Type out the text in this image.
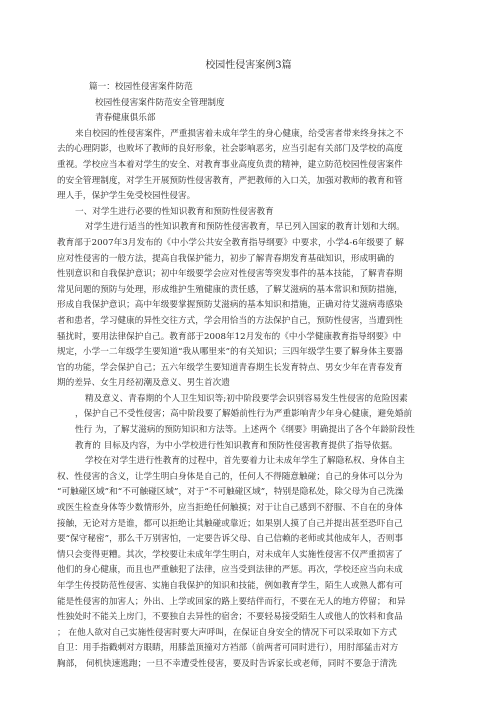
校园性侵害案例3篇
篇一：校园性侵害案件防范
校园性侵害案件防范安全管理制度
青春健康俱乐部
来自校园的性侵害案件，严重损害着未成年学生的身心健康，给受害者带来终身抹之不
去的心理阴影，也败坏了教师的良好形象，社会影响恶劣，应当引起有关部门及学校的高度
重视。学校应当本着对学生的安全、对教育事业高度负责的精神，建立防范校园性侵害案件
的安全管理制度，对学生开展预防性侵害教育，严把教师的入口关，加强对教师的教育和管
理人手，保护学生免受校园性侵害。
一、对学生进行必要的性知识教育和预防性侵害教育
对学生进行适当的性知识教育和预防性侵害教育，早已列入国家的教育计划和大纲。
教育部于2007年3月发布的《中小学公共安全教育指导纲要》中要求，小学4-6年级要了 解
应对性侵害的一般方法，提高自我保护能力，初步了解青春期发育基础知识，形成明确的
性别意识和自我保护意识；初中年级要学会应对性侵害等突发事件的基本技能，了解青春期
常见问题的预防与处理，形成维护生殖健康的责任感，了解艾滋病的基本常识和预防措施，
形成自我保护意识；高中年级要掌握预防艾滋病的基本知识和措施，正确对待艾滋病毒感染
者和患者，学习健康的异性交往方式，学会用恰当的方法保护自己，预防性侵害，当遭到性
骚扰时，要用法律保护自己。教育部于2008年12月发布的《中小学健康教育指导纲要》中
规定，小学一二年级学生要知道“我从哪里来”的有关知识；三四年级学生要了解身体主要器
官的功能，学会保护自己；五六年级学生要知道青春期生长发育特点、男女少年在青春发育
期的差异、女生月经初潮及意义、男生首次遗
精及意义、青春期的个人卫生知识等;初中阶段要学会识别容易发生性侵害的危险因素
，保护自己不受性侵害；高中阶段要了解婚前性行为严重影响青少年身心健康，避免婚前
性行 为，了解艾滋病的预防知识和方法等。上述两个《纲要》明确提出了各个年龄阶段性
教育的 目标及内容，为中小学校进行性知识教育和预防性侵害教育提供了指导依据。
学校在对学生进行性教育的过程中，首先要着力让未成年学生了解隐私权、身体自主
权、性侵害的含义，让学生明白身体是自己的，任何人不得随意触碰；自己的身体可以分为
“可触碰区域”和“不可触碰区域”，对于“不可触碰区域”，特别是隐私处，除父母为自己洗澡
或医生检查身体等少数情形外，应当拒绝任何触摸；对于让自己感到不舒服、不自在的身体
接触，无论对方是谁，都可以拒绝让其触碰或靠近；如果别人摸了自己并提出甚至恐吓自己
要“保守秘密”，那么千万别害怕，一定要告诉父母、自己信赖的老师或其他成年人，否则事
情只会变得更糟。其次，学校要让未成年学生明白，对未成年人实施性侵害不仅严重损害了
他们的身心健康，而且也严重触犯了法律，应当受到法律的严惩。再次，学校还应当向未成
年学生传授防范性侵害、实施自我保护的知识和技能，例如教育学生，陌生人或熟人都有可
能是性侵害的加害人；外出、上学或回家的路上要结伴而行，不要在无人的地方停留； 和异
性独处时不能关上房门，不要独自去异性的宿舍；不要轻易接受陌生人或他人的饮料和食品
； 在他人欲对自己实施性侵害时要大声呼叫，在保证自身安全的情况下可以采取如下方式
自卫：用手指戳刺对方眼睛，用膝盖顶撞对方裆部（前两者可同时进行），用肘部猛击对方
胸部， 伺机快速逃跑；一旦不幸遭受性侵害，要及时告诉家长或老师，同时不要急于清洗
